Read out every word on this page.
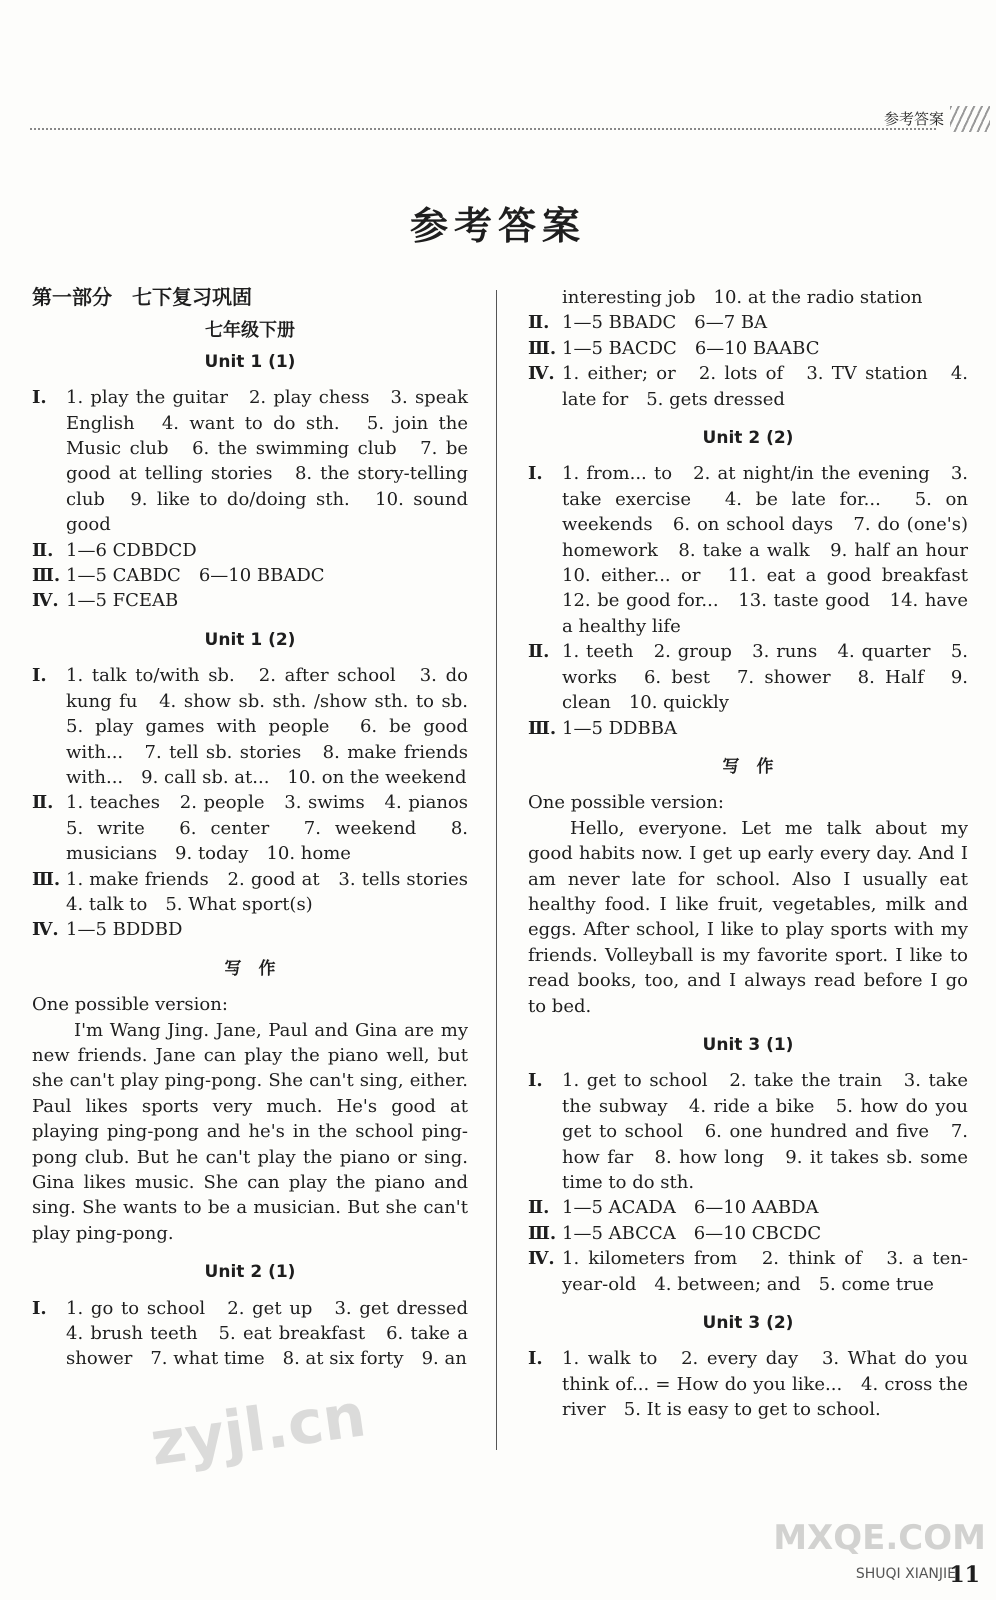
参考答案
参考答案
第一部分　七下复习巩固
七年级下册
Unit 1 (1)
Ⅰ.	1. play the guitar　2. play chess　3. speak English　4. want to do sth.　5. join the Music club　6. the swimming club　7. be good at telling stories　8. the story-telling club　9. like to do/doing sth.　10. sound good
Ⅱ. 1—6 CDBDCD
Ⅲ. 1—5 CABDC　6—10 BBADC
Ⅳ. 1—5 FCEAB
Unit 1 (2)
Ⅰ.	1. talk to/with sb.　2. after school　3. do kung fu　4. show sb. sth. /show sth. to sb.　5. play games with people　6. be good with...　7. tell sb. stories　8. make friends with...　9. call sb. at...　10. on the weekend
Ⅱ. 1. teaches　2. people　3. swims　4. pianos　5. write　6. center　7. weekend　8. musicians　9. today　10. home
Ⅲ. 1. make friends　2. good at　3. tells stories　4. talk to　5. What sport(s)
Ⅳ. 1—5 BDDBD
写　作
One possible version:

I'm Wang Jing. Jane, Paul and Gina are my new friends. Jane can play the piano well, but she can't play ping-pong. She can't sing, either. Paul likes sports very much. He's good at playing ping-pong and he's in the school ping-pong club. But he can't play the piano or sing. Gina likes music. She can play the piano and sing. She wants to be a musician. But she can't play ping-pong.

Unit 2 (1)
Ⅰ.	1. go to school　2. get up　3. get dressed　4. brush teeth　5. eat breakfast　6. take a shower　7. what time　8. at six forty　9. an
interesting job　10. at the radio station
Ⅱ. 1—5 BBADC　6—7 BA
Ⅲ. 1—5 BACDC　6—10 BAABC
Ⅳ. 1. either; or　2. lots of　3. TV station　4. late for　5. gets dressed
Unit 2 (2)
Ⅰ.	1. from... to　2. at night/in the evening　3. take exercise　4. be late for...　5. on weekends　6. on school days　7. do (one's) homework　8. take a walk　9. half an hour　10. either... or　11. eat a good breakfast　12. be good for...　13. taste good　14. have a healthy life
Ⅱ. 1. teeth　2. group　3. runs　4. quarter　5. works　6. best　7. shower　8. Half　9. clean　10. quickly
Ⅲ. 1—5 DDBBA
写　作
One possible version:

Hello, everyone. Let me talk about my good habits now. I get up early every day. And I am never late for school. Also I usually eat healthy food. I like fruit, vegetables, milk and eggs. After school, I like to play sports with my friends. Volleyball is my favorite sport. I like to read books, too, and I always read before I go to bed.

Unit 3 (1)
Ⅰ.	1. get to school　2. take the train　3. take the subway　4. ride a bike　5. how do you get to school　6. one hundred and five　7. how far　8. how long　9. it takes sb. some time to do sth.
Ⅱ. 1—5 ACADA　6—10 AABDA
Ⅲ. 1—5 ABCCA　6—10 CBCDC
Ⅳ. 1. kilometers from　2. think of　3. a ten-year-old　4. between; and　5. come true
Unit 3 (2)
Ⅰ.	1. walk to　2. every day　3. What do you think of... = How do you like...　4. cross the river　5. It is easy to get to school.
zyjl.cn
MXQE.COM
SHUQI XIANJIE
11
